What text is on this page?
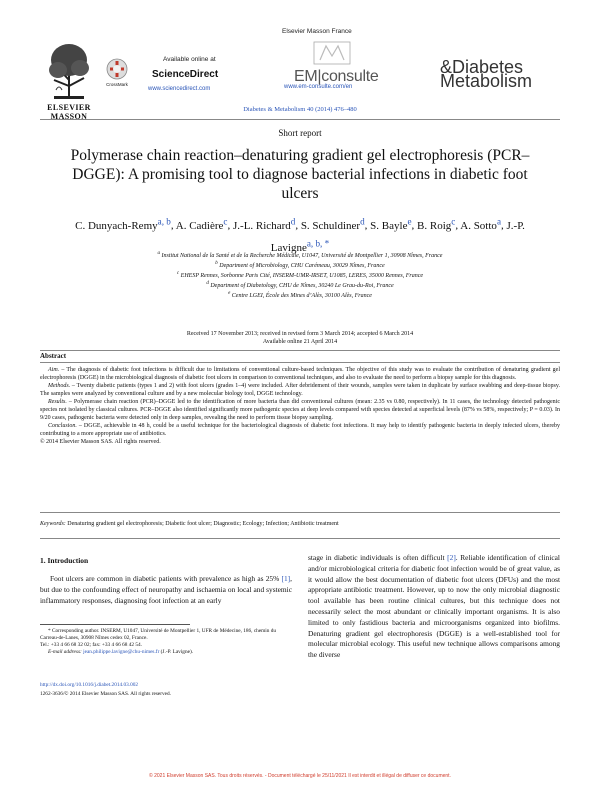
ELSEVIER
MASSON
CrossMark
Available online at
ScienceDirect
www.sciencedirect.com
Elsevier Masson France
EM|consulte
www.em-consulte.com/en
&Diabetes
Metabolism
Diabetes & Metabolism 40 (2014) 476–480
Short report
Polymerase chain reaction–denaturing gradient gel electrophoresis (PCR–DGGE): A promising tool to diagnose bacterial infections in diabetic foot ulcers
C. Dunyach-Remy$^{a, b}$, A. Cadière$^c$, J.-L. Richard$^d$, S. Schuldiner$^d$, S. Bayle$^e$, B. Roig$^c$, A. Sotto$^a$, J.-P. Lavigne$^{a, b, *}$
$^a$ Institut National de la Santé et de la Recherche Médicale, U1047, Université de Montpellier 1, 30908 Nîmes, France
$^b$ Department of Microbiology, CHU Carémeau, 30029 Nîmes, France
$^c$ EHESP Rennes, Sorbonne Paris Cité, INSERM-UMR-IRSET, U1085, LERES, 35000 Rennes, France
$^d$ Department of Diabetology, CHU de Nîmes, 30240 Le Grau-du-Roi, France
$^e$ Centre LGEI, École des Mines d’Alès, 30100 Alès, France
Received 17 November 2013; received in revised form 3 March 2014; accepted 6 March 2014
Available online 21 April 2014
Abstract

Aim. – The diagnosis of diabetic foot infections is difficult due to limitations of conventional culture-based techniques. The objective of this study was to evaluate the contribution of denaturing gradient gel electrophoresis (DGGE) in the microbiological diagnosis of diabetic foot ulcers in comparison to conventional techniques, and also to evaluate the need to perform a biopsy sample for this diagnosis.

Methods. – Twenty diabetic patients (types 1 and 2) with foot ulcers (grades 1–4) were included. After debridement of their wounds, samples were taken in duplicate by surface swabbing and deep-tissue biopsy. The samples were analyzed by conventional culture and by a new molecular biology tool, DGGE technology.

Results. – Polymerase chain reaction (PCR)–DGGE led to the identification of more bacteria than did conventional cultures (mean: 2.35 vs 0.80, respectively). In 11 cases, the technology detected pathogenic species not isolated by classical cultures. PCR–DGGE also identified significantly more pathogenic species at deep levels compared with species detected at superficial levels (87% vs 58%, respectively; P = 0.03). In 9/20 cases, pathogenic bacteria were detected only in deep samples, revealing the need to perform tissue biopsy sampling.

Conclusion. – DGGE, achievable in 48 h, could be a useful technique for the bacteriological diagnosis of diabetic foot infections. It may help to identify pathogenic bacteria in deeply infected ulcers, thereby contributing to a more appropriate use of antibiotics.

© 2014 Elsevier Masson SAS. All rights reserved.

Keywords: Denaturing gradient gel electrophoresis; Diabetic foot ulcer; Diagnostic; Ecology; Infection; Antibiotic treatment
1. Introduction
Foot ulcers are common in diabetic patients with prevalence as high as 25% [1], but due to the confounding effect of neuropathy and ischaemia on local and systemic inflammatory responses, diagnosing foot infection at an early
stage in diabetic individuals is often difficult [2]. Reliable identification of clinical and/or microbiological criteria for diabetic foot infection would be of great value, as it would allow the best documentation of diabetic foot ulcers (DFUs) and the most appropriate antibiotic treatment. However, up to now the only microbial diagnostic tool available has been routine clinical cultures, but this technique does not necessarily select the most abundant or clinically important organisms. It is also limited to only fastidious bacteria and microorganisms organized into biofilms. Denaturing gradient gel electrophoresis (DGGE) is a well-established tool for molecular microbial ecology. This useful new technique allows comparisons among the diverse
* Corresponding author. INSERM, U1047, Université de Montpellier 1, UFR de Médecine, 186, chemin du Carreau-de-Lanes, 30908 Nîmes cedex 02, France.
Tel.: +33 4 66 68 32 02; fax: +33 4 66 68 42 54.
E-mail address: jean.philippe.lavigne@chu-nimes.fr (J.-P. Lavigne).
http://dx.doi.org/10.1016/j.diabet.2014.03.002
1262-3636/© 2014 Elsevier Masson SAS. All rights reserved.
© 2021 Elsevier Masson SAS. Tous droits réservés. - Document téléchargé le 25/11/2021 Il est interdit et illégal de diffuser ce document.
